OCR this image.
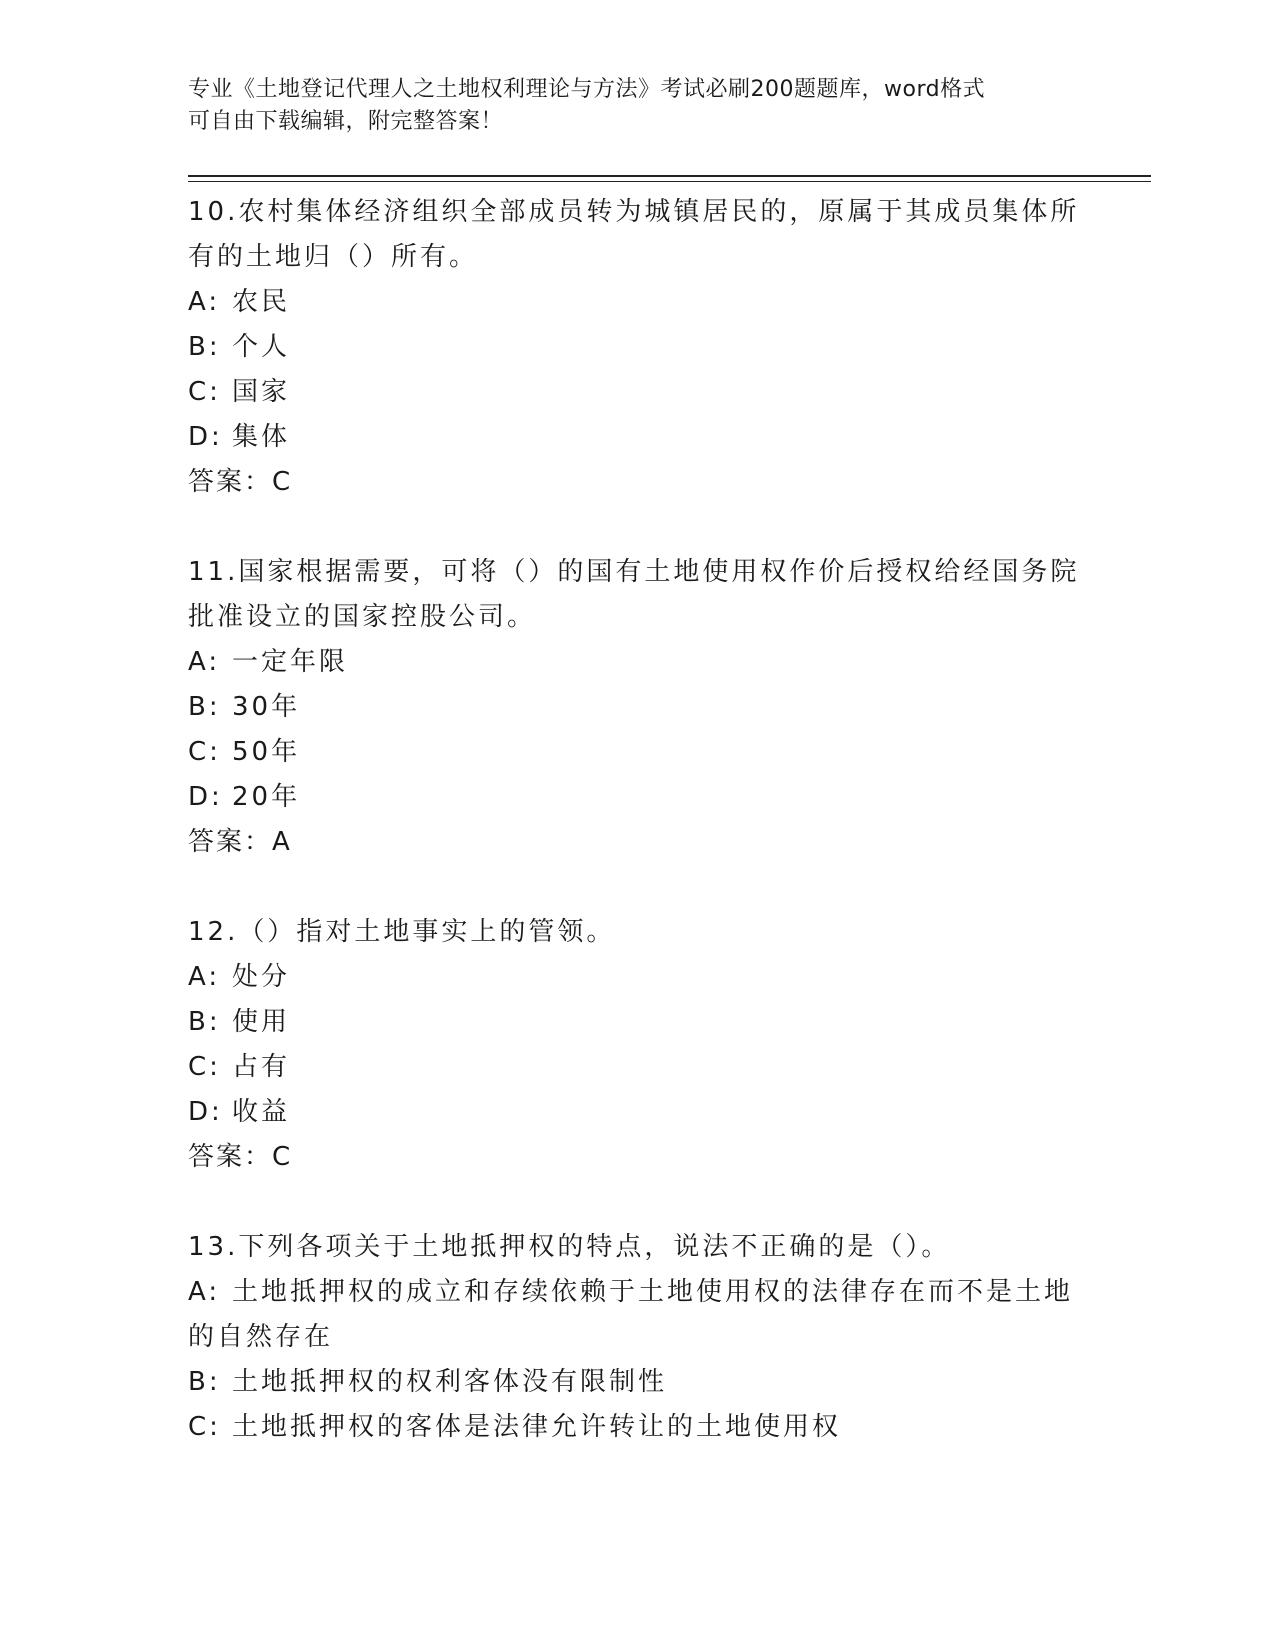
专业《土地登记代理人之土地权利理论与方法》考试必刷200题题库，word格式
可自由下载编辑，附完整答案！
10.农村集体经济组织全部成员转为城镇居民的，原属于其成员集体所有的土地归（）所有。
A: 农民
B: 个人
C: 国家
D: 集体
答案：C
11.国家根据需要，可将（）的国有土地使用权作价后授权给经国务院批准设立的国家控股公司。
A: 一定年限
B: 30年
C: 50年
D: 20年
答案：A
12.（）指对土地事实上的管领。
A: 处分
B: 使用
C: 占有
D: 收益
答案：C
13.下列各项关于土地抵押权的特点，说法不正确的是（）。
A: 土地抵押权的成立和存续依赖于土地使用权的法律存在而不是土地的自然存在
B: 土地抵押权的权利客体没有限制性
C: 土地抵押权的客体是法律允许转让的土地使用权
